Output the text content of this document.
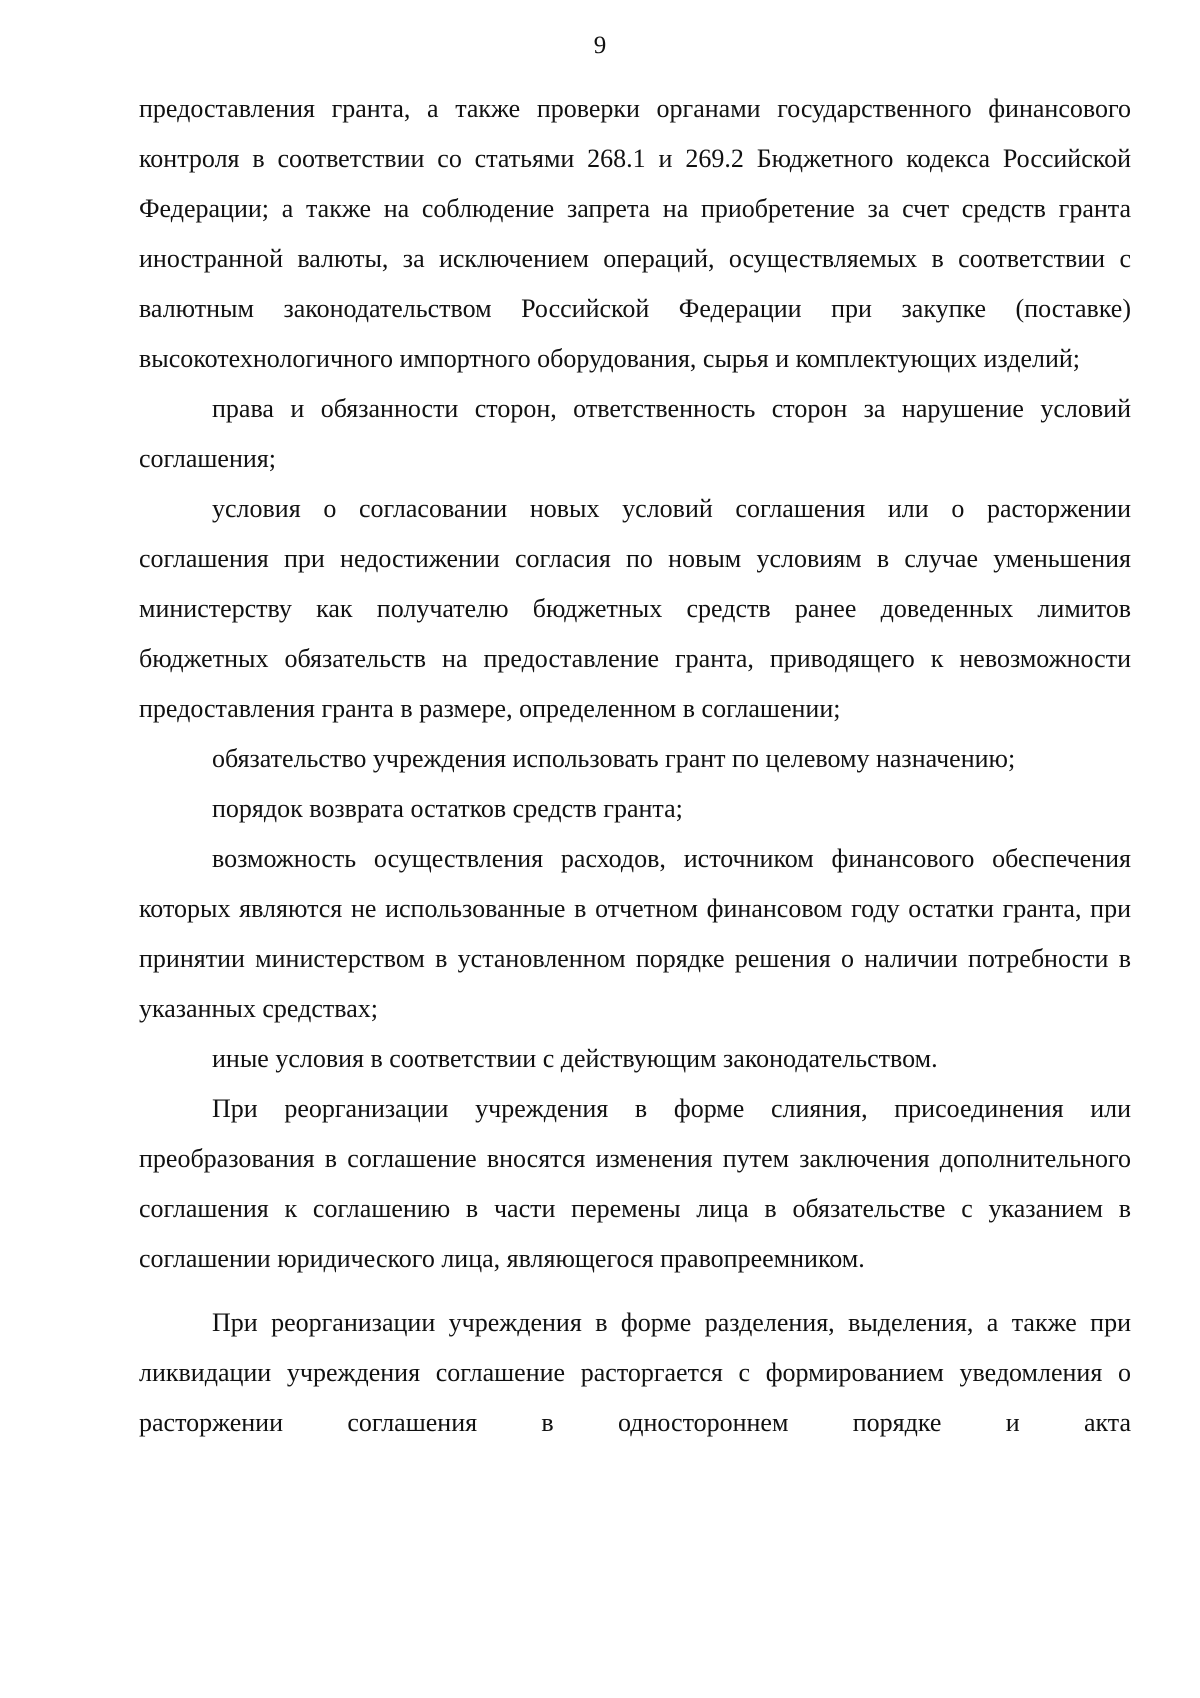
9

предоставления гранта, а также проверки органами государственного финансового контроля в соответствии со статьями 268.1 и 269.2 Бюджетного кодекса Российской Федерации; а также на соблюдение запрета на приобретение за счет средств гранта иностранной валюты, за исключением операций, осуществляемых в соответствии с валютным законодательством Российской Федерации при закупке (поставке) высокотехнологичного импортного оборудования, сырья и комплектующих изделий;

права и обязанности сторон, ответственность сторон за нарушение условий соглашения;

условия о согласовании новых условий соглашения или о расторжении соглашения при недостижении согласия по новым условиям в случае уменьшения министерству как получателю бюджетных средств ранее доведенных лимитов бюджетных обязательств на предоставление гранта, приводящего к невозможности предоставления гранта в размере, определенном в соглашении;

обязательство учреждения использовать грант по целевому назначению;

порядок возврата остатков средств гранта;

возможность осуществления расходов, источником финансового обеспечения которых являются не использованные в отчетном финансовом году остатки гранта, при принятии министерством в установленном порядке решения о наличии потребности в указанных средствах;

иные условия в соответствии с действующим законодательством.

При реорганизации учреждения в форме слияния, присоединения или преобразования в соглашение вносятся изменения путем заключения дополнительного соглашения к соглашению в части перемены лица в обязательстве с указанием в соглашении юридического лица, являющегося правопреемником.

При реорганизации учреждения в форме разделения, выделения, а также при ликвидации учреждения соглашение расторгается с формированием уведомления о расторжении соглашения в одностороннем порядке и акта
